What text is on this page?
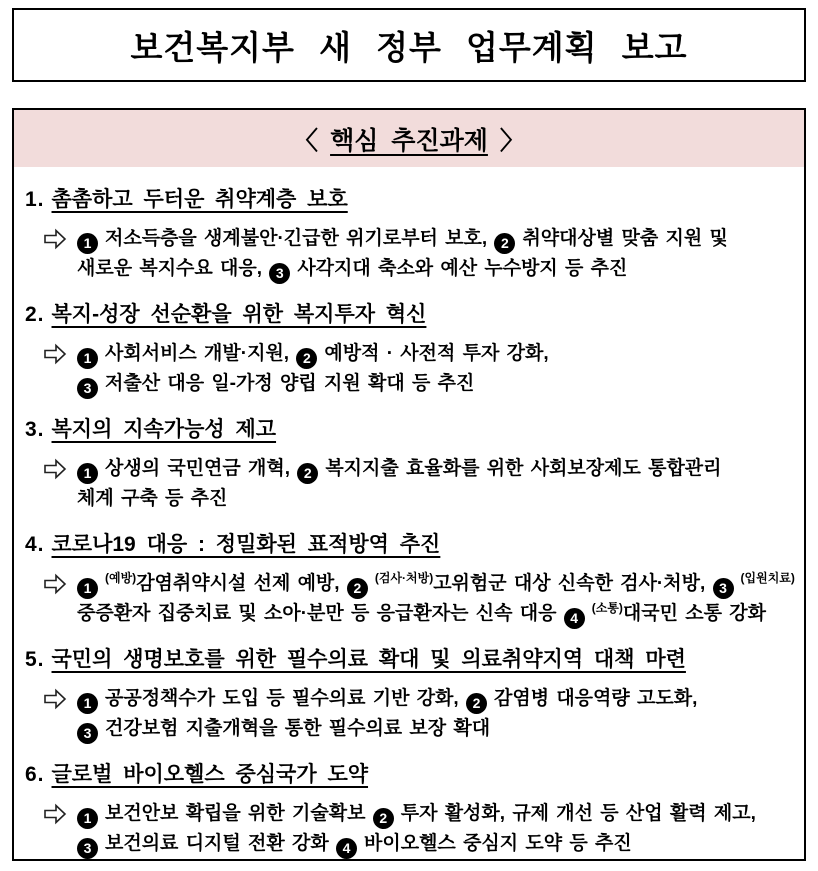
보건복지부 새 정부 업무계획 보고
〈 핵심 추진과제 〉
1. 촘촘하고 두터운 취약계층 보호
1 저소득층을 생계불안·긴급한 위기로부터 보호, 2 취약대상별 맞춤 지원 및
새로운 복지수요 대응, 3 사각지대 축소와 예산 누수방지 등 추진
2. 복지-성장 선순환을 위한 복지투자 혁신
1 사회서비스 개발·지원, 2 예방적 · 사전적 투자 강화,
3 저출산 대응 일-가정 양립 지원 확대 등 추진
3. 복지의 지속가능성 제고
1 상생의 국민연금 개혁, 2 복지지출 효율화를 위한 사회보장제도 통합관리
체계 구축 등 추진
4. 코로나19 대응 : 정밀화된 표적방역 추진
$1^{(예방)}$감염취약시설 선제 예방, $2^{(검사\cdot 처방)}$고위험군 대상 신속한 검사·처방, $3^{(입원치료)}$
중증환자 집중치료 및 소아·분만 등 응급환자는 신속 대응 $4^{(소통)}$대국민 소통 강화
5. 국민의 생명보호를 위한 필수의료 확대 및 의료취약지역 대책 마련
1 공공정책수가 도입 등 필수의료 기반 강화, 2 감염병 대응역량 고도화,
3 건강보험 지출개혁을 통한 필수의료 보장 확대
6. 글로벌 바이오헬스 중심국가 도약
1 보건안보 확립을 위한 기술확보 2 투자 활성화, 규제 개선 등 산업 활력 제고,
3 보건의료 디지털 전환 강화 4 바이오헬스 중심지 도약 등 추진
